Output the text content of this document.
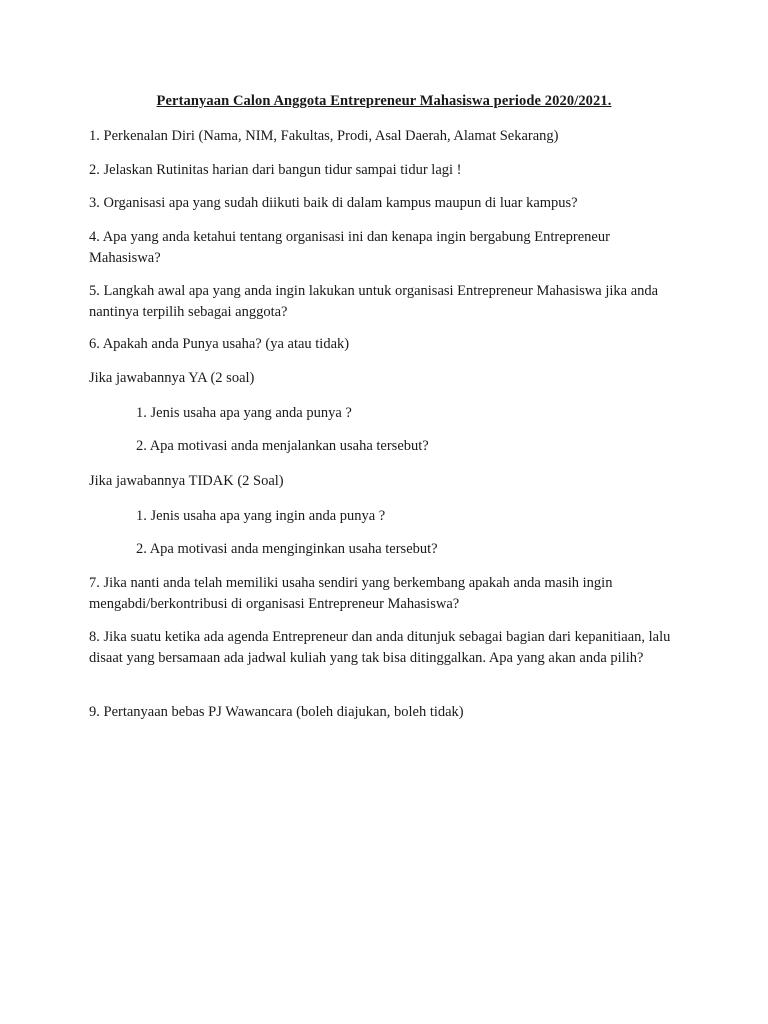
Pertanyaan Calon Anggota Entrepreneur Mahasiswa periode 2020/2021.

1. Perkenalan Diri (Nama, NIM, Fakultas, Prodi, Asal Daerah, Alamat Sekarang)

2. Jelaskan Rutinitas harian dari bangun tidur sampai tidur lagi !

3. Organisasi apa yang sudah diikuti baik di dalam kampus maupun di luar kampus?

4. Apa yang anda ketahui tentang organisasi ini dan kenapa ingin bergabung Entrepreneur Mahasiswa?

5. Langkah awal apa yang anda ingin lakukan untuk organisasi Entrepreneur Mahasiswa jika anda nantinya terpilih sebagai anggota?

6. Apakah anda Punya usaha? (ya atau tidak)

Jika jawabannya YA (2 soal)

1. Jenis usaha apa yang anda punya ?

2. Apa motivasi anda menjalankan usaha tersebut?

Jika jawabannya TIDAK (2 Soal)

1. Jenis usaha apa yang ingin anda punya ?

2. Apa motivasi anda menginginkan usaha tersebut?

7. Jika nanti anda telah memiliki usaha sendiri yang berkembang apakah anda masih ingin mengabdi/berkontribusi di organisasi Entrepreneur Mahasiswa?

8. Jika suatu ketika ada agenda Entrepreneur dan anda ditunjuk sebagai bagian dari kepanitiaan, lalu disaat yang bersamaan ada jadwal kuliah yang tak bisa ditinggalkan. Apa yang akan anda pilih?

9. Pertanyaan bebas PJ Wawancara (boleh diajukan, boleh tidak)
